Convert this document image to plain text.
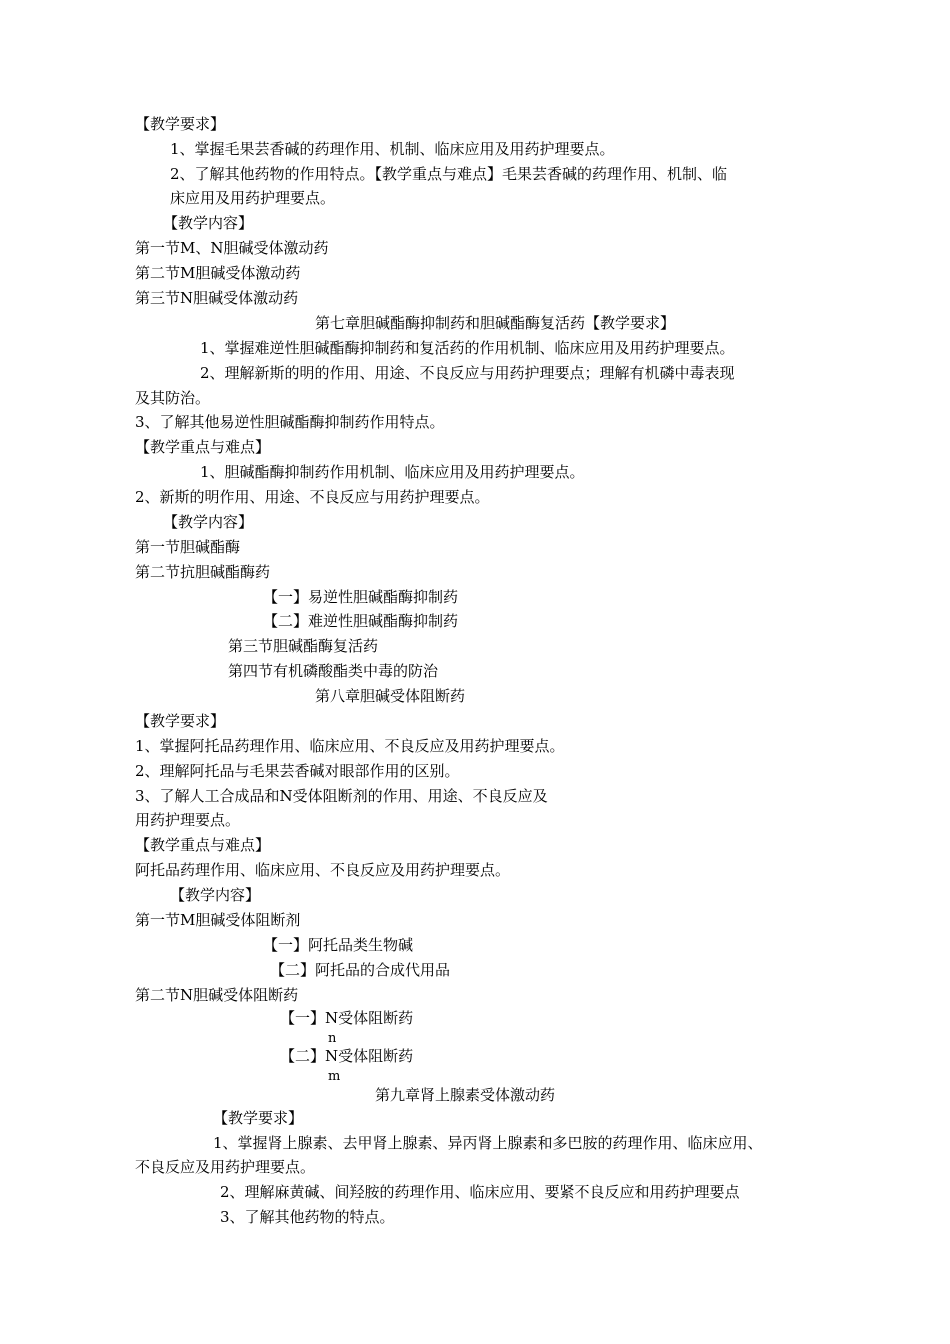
【教学要求】
1、掌握毛果芸香碱的药理作用、机制、临床应用及用药护理要点。
2、了解其他药物的作用特点。【教学重点与难点】毛果芸香碱的药理作用、机制、临
床应用及用药护理要点。
【教学内容】
第一节M、N胆碱受体激动药
第二节M胆碱受体激动药
第三节N胆碱受体激动药
第七章胆碱酯酶抑制药和胆碱酯酶复活药【教学要求】
1、掌握难逆性胆碱酯酶抑制药和复活药的作用机制、临床应用及用药护理要点。
2、理解新斯的明的作用、用途、不良反应与用药护理要点；理解有机磷中毒表现
及其防治。
3、了解其他易逆性胆碱酯酶抑制药作用特点。
【教学重点与难点】
1、胆碱酯酶抑制药作用机制、临床应用及用药护理要点。
2、新斯的明作用、用途、不良反应与用药护理要点。
【教学内容】
第一节胆碱酯酶
第二节抗胆碱酯酶药
【一】易逆性胆碱酯酶抑制药
【二】难逆性胆碱酯酶抑制药
第三节胆碱酯酶复活药
第四节有机磷酸酯类中毒的防治
第八章胆碱受体阻断药
【教学要求】
1、掌握阿托品药理作用、临床应用、不良反应及用药护理要点。
2、理解阿托品与毛果芸香碱对眼部作用的区别。
3、了解人工合成品和N受体阻断剂的作用、用途、不良反应及
用药护理要点。
【教学重点与难点】
阿托品药理作用、临床应用、不良反应及用药护理要点。
【教学内容】
第一节M胆碱受体阻断剂
【一】阿托品类生物碱
【二】阿托品的合成代用品
第二节N胆碱受体阻断药
【一】N受体阻断药
n
【二】N受体阻断药
m
第九章肾上腺素受体激动药
【教学要求】
1、掌握肾上腺素、去甲肾上腺素、异丙肾上腺素和多巴胺的药理作用、临床应用、
不良反应及用药护理要点。
2、理解麻黄碱、间羟胺的药理作用、临床应用、要紧不良反应和用药护理要点
3、了解其他药物的特点。
